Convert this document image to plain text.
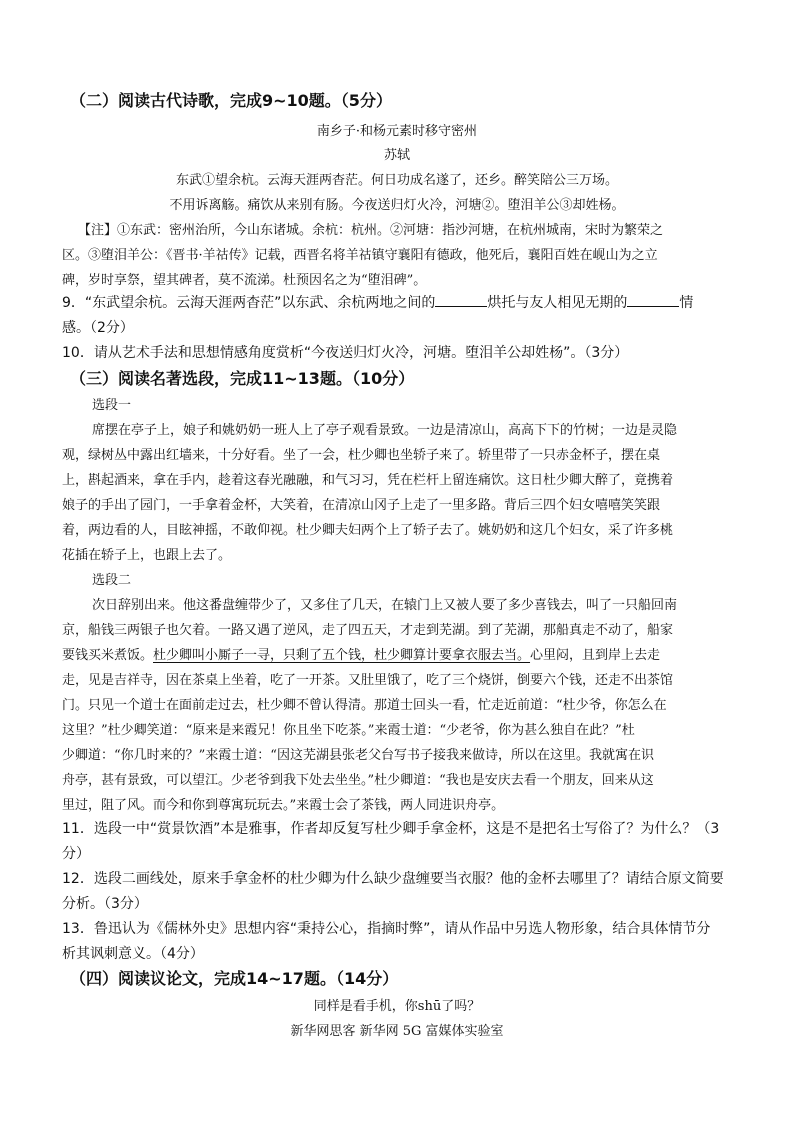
（二）阅读古代诗歌，完成9~10题。（5分）
南乡子·和杨元素时移守密州
苏轼
东武①望余杭。云海天涯两杳茫。何日功成名遂了，还乡。醉笑陪公三万场。
不用诉离觞。痛饮从来别有肠。今夜送归灯火冷，河塘②。堕泪羊公③却姓杨。
【注】①东武：密州治所，今山东诸城。余杭：杭州。②河塘：指沙河塘，在杭州城南，宋时为繁荣之
区。③堕泪羊公：《晋书·羊祜传》记载，西晋名将羊祜镇守襄阳有德政，他死后，襄阳百姓在岘山为之立
碑，岁时享祭，望其碑者，莫不流涕。杜预因名之为“堕泪碑”。
9．“东武望余杭。云海天涯两杳茫”以东武、余杭两地之间的	烘托与友人相见无期的	情
感。（2分）
10．请从艺术手法和思想情感角度赏析“今夜送归灯火冷，河塘。堕泪羊公却姓杨”。（3分）
（三）阅读名著选段，完成11~13题。（10分）
选段一
席摆在亭子上，娘子和姚奶奶一班人上了亭子观看景致。一边是清凉山，高高下下的竹树；一边是灵隐
观，绿树丛中露出红墙来，十分好看。坐了一会，杜少卿也坐轿子来了。轿里带了一只赤金杯子，摆在桌
上，斟起酒来，拿在手内，趁着这春光融融，和气习习，凭在栏杆上留连痛饮。这日杜少卿大醉了，竟携着
娘子的手出了园门，一手拿着金杯，大笑着，在清凉山冈子上走了一里多路。背后三四个妇女嘻嘻笑笑跟
着，两边看的人，目眩神摇，不敢仰视。杜少卿夫妇两个上了轿子去了。姚奶奶和这几个妇女，采了许多桃
花插在轿子上，也跟上去了。
选段二
次日辞别出来。他这番盘缠带少了，又多住了几天，在辕门上又被人要了多少喜钱去，叫了一只船回南
京，船钱三两银子也欠着。一路又遇了逆风，走了四五天，才走到芜湖。到了芜湖，那船真走不动了，船家
要钱买米煮饭。杜少卿叫小厮子一寻，只剩了五个钱，杜少卿算计要拿衣服去当。心里闷，且到岸上去走
走，见是吉祥寺，因在茶桌上坐着，吃了一开茶。又肚里饿了，吃了三个烧饼，倒要六个钱，还走不出茶馆
门。只见一个道士在面前走过去，杜少卿不曾认得清。那道士回头一看，忙走近前道：“杜少爷，你怎么在
这里？”杜少卿笑道：“原来是来霞兄！你且坐下吃茶。”来霞士道：“少老爷，你为甚么独自在此？”杜
少卿道：“你几时来的？”来霞士道：“因这芜湖县张老父台写书子接我来做诗，所以在这里。我就寓在识
舟亭，甚有景致，可以望江。少老爷到我下处去坐坐。”杜少卿道：“我也是安庆去看一个朋友，回来从这
里过，阻了风。而今和你到尊寓玩玩去。”来霞士会了茶钱，两人同进识舟亭。
11．选段一中“赏景饮酒”本是雅事，作者却反复写杜少卿手拿金杯，这是不是把名士写俗了？为什么？（3
分）
12．选段二画线处，原来手拿金杯的杜少卿为什么缺少盘缠要当衣服？他的金杯去哪里了？请结合原文简要
分析。（3分）
13．鲁迅认为《儒林外史》思想内容“秉持公心，指摘时弊”，请从作品中另选人物形象，结合具体情节分
析其讽刺意义。（4分）
（四）阅读议论文，完成14~17题。（14分）
同样是看手机，你shū了吗？
新华网思客 新华网 5G 富媒体实验室
